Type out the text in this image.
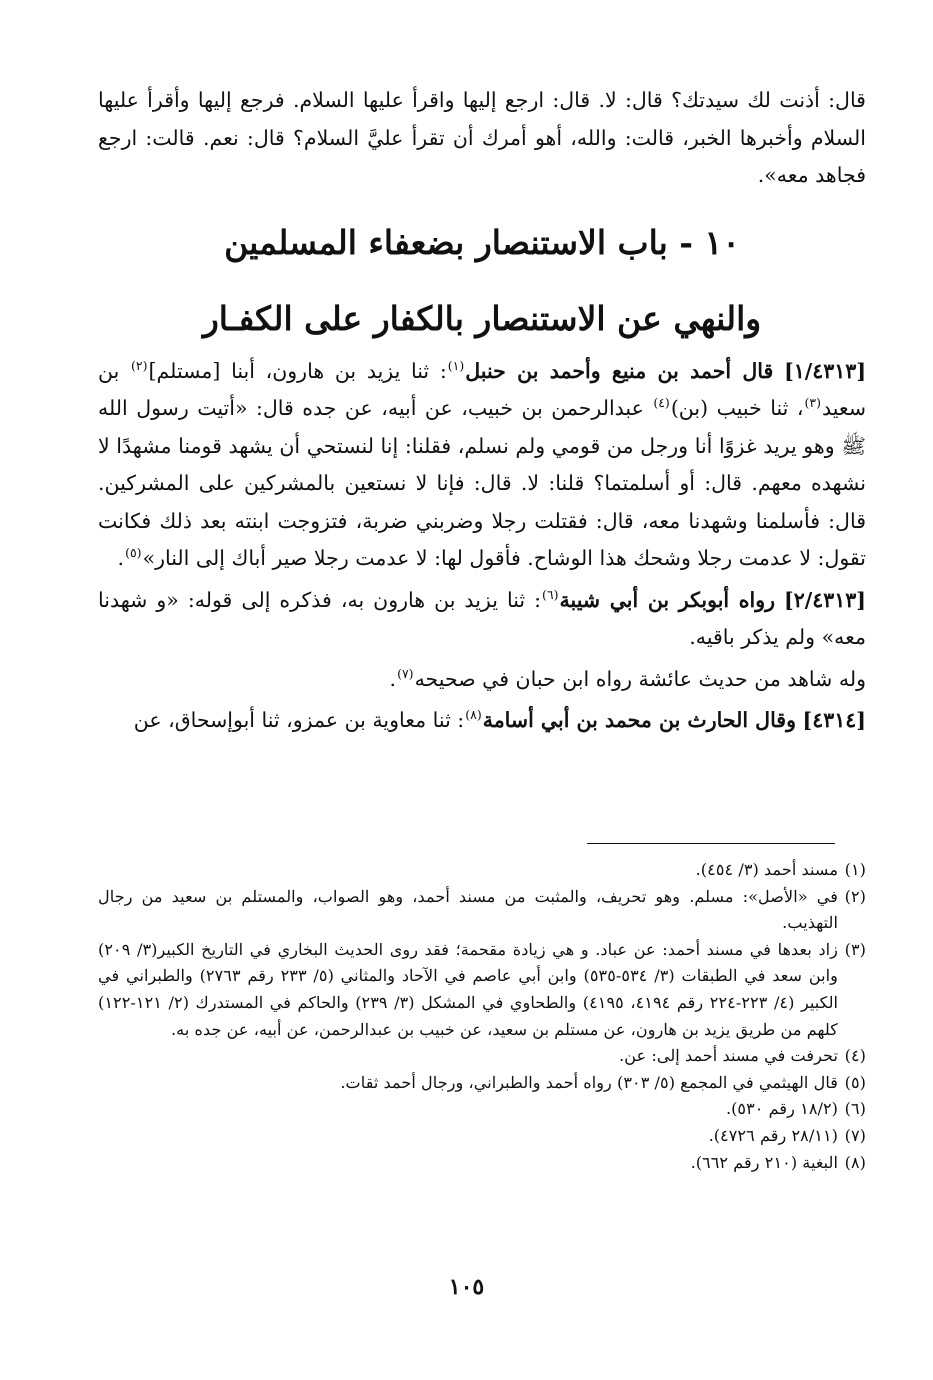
قال: أذنت لك سيدتك؟ قال: لا. قال: ارجع إليها واقرأ عليها السلام. فرجع إليها وأقرأ عليها السلام وأخبرها الخبر، قالت: والله، أهو أمرك أن تقرأ عليَّ السلام؟ قال: نعم. قالت: ارجع فجاهد معه».

١٠ - باب الاستنصار بضعفاء المسلمين

والنهي عن الاستنصار بالكفار على الكفـار

[١/٤٣١٣] قال أحمد بن منيع وأحمد بن حنبل$^{(١)}$: ثنا يزيد بن هارون، أبنا [مستلم]$^{(٢)}$ بن سعيد$^{(٣)}$، ثنا خبيب (بن)$^{(٤)}$ عبدالرحمن بن خبيب، عن أبيه، عن جده قال: «أتيت رسول الله ﷺ وهو يريد غزوًا أنا ورجل من قومي ولم نسلم، فقلنا: إنا لنستحي أن يشهد قومنا مشهدًا لا نشهده معهم. قال: أو أسلمتما؟ قلنا: لا. قال: فإنا لا نستعين بالمشركين على المشركين. قال: فأسلمنا وشهدنا معه، قال: فقتلت رجلا وضربني ضربة، فتزوجت ابنته بعد ذلك فكانت تقول: لا عدمت رجلا وشحك هذا الوشاح. فأقول لها: لا عدمت رجلا صير أباك إلى النار»$^{(٥)}$.

[٢/٤٣١٣] رواه أبوبكر بن أبي شيبة$^{(٦)}$: ثنا يزيد بن هارون به، فذكره إلى قوله: «و شهدنا معه» ولم يذكر باقيه.

وله شاهد من حديث عائشة رواه ابن حبان في صحيحه$^{(٧)}$.

[٤٣١٤] وقال الحارث بن محمد بن أبي أسامة$^{(٨)}$: ثنا معاوية بن عمزو، ثنا أبوإسحاق، عن

(١)
مسند أحمد (٣/ ٤٥٤).

(٢)
في «الأصل»: مسلم. وهو تحريف، والمثبت من مسند أحمد، وهو الصواب، والمستلم بن سعيد من رجال التهذيب.

(٣)
زاد بعدها في مسند أحمد: عن عباد. و هي زيادة مقحمة؛ فقد روى الحديث البخاري في التاريخ الكبير(٣/ ٢٠٩) وابن سعد في الطبقات (٣/ ٥٣٤-٥٣٥) وابن أبي عاصم في الآحاد والمثاني (٥/ ٢٣٣ رقم ٢٧٦٣) والطبراني في الكبير (٤/ ٢٢٣-٢٢٤ رقم ٤١٩٤، ٤١٩٥) والطحاوي في المشكل (٣/ ٢٣٩) والحاكم في المستدرك (٢/ ١٢١-١٢٢) كلهم من طريق يزيد بن هارون، عن مستلم بن سعيد، عن خبيب بن عبدالرحمن، عن أبيه، عن جده به.

(٤)
تحرفت في مسند أحمد إلى: عن.

(٥)
قال الهيثمي في المجمع (٥/ ٣٠٣) رواه أحمد والطبراني، ورجال أحمد ثقات.

(٦)
(١٨/٢ رقم ٥٣٠).

(٧)
(٢٨/١١ رقم ٤٧٢٦).

(٨)
البغية (٢١٠ رقم ٦٦٢).

١٠٥
